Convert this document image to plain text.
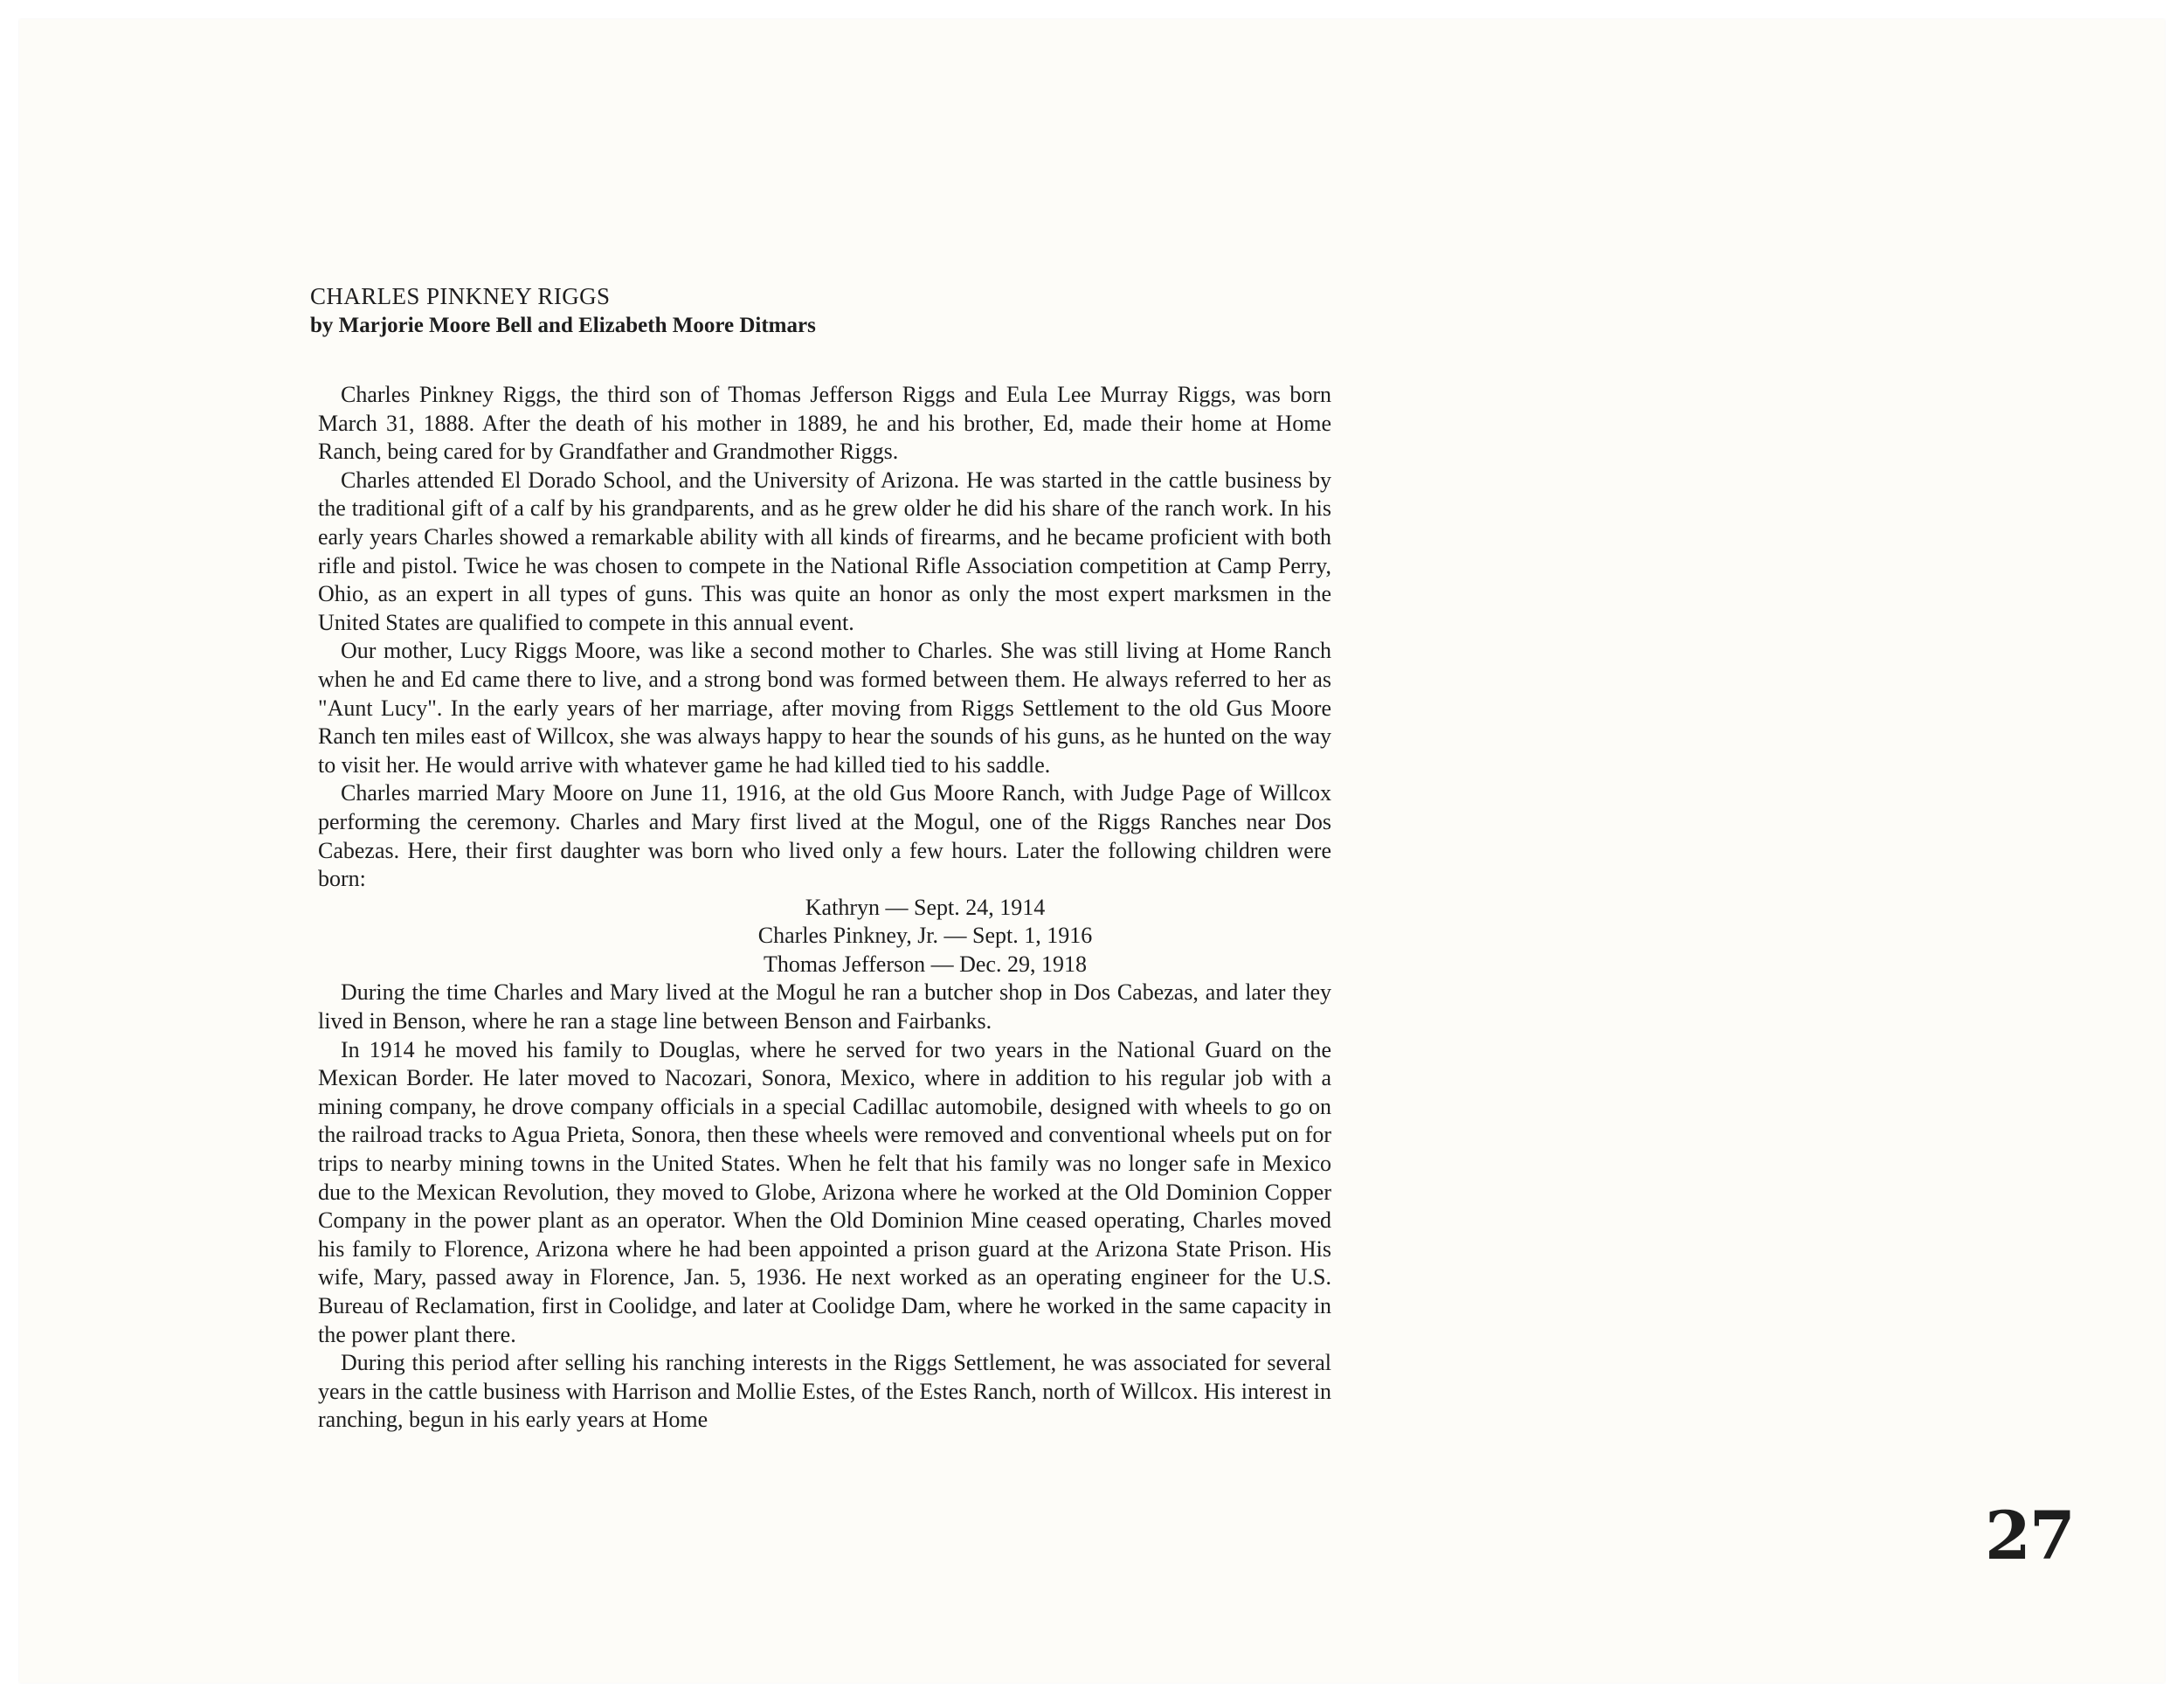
CHARLES PINKNEY RIGGS
by Marjorie Moore Bell and Elizabeth Moore Ditmars

Charles Pinkney Riggs, the third son of Thomas Jefferson Riggs and Eula Lee Murray Riggs, was born March 31, 1888. After the death of his mother in 1889, he and his brother, Ed, made their home at Home Ranch, being cared for by Grandfather and Grandmother Riggs.

Charles attended El Dorado School, and the University of Arizona. He was started in the cattle business by the traditional gift of a calf by his grandparents, and as he grew older he did his share of the ranch work. In his early years Charles showed a remarkable ability with all kinds of firearms, and he became proficient with both rifle and pistol. Twice he was chosen to compete in the National Rifle Association competition at Camp Perry, Ohio, as an expert in all types of guns. This was quite an honor as only the most expert marksmen in the United States are qualified to compete in this annual event.

Our mother, Lucy Riggs Moore, was like a second mother to Charles. She was still living at Home Ranch when he and Ed came there to live, and a strong bond was formed between them. He always referred to her as "Aunt Lucy". In the early years of her marriage, after moving from Riggs Settlement to the old Gus Moore Ranch ten miles east of Willcox, she was always happy to hear the sounds of his guns, as he hunted on the way to visit her. He would arrive with whatever game he had killed tied to his saddle.

Charles married Mary Moore on June 11, 1916, at the old Gus Moore Ranch, with Judge Page of Willcox performing the ceremony. Charles and Mary first lived at the Mogul, one of the Riggs Ranches near Dos Cabezas. Here, their first daughter was born who lived only a few hours. Later the following children were born:

Kathryn — Sept. 24, 1914
Charles Pinkney, Jr. — Sept. 1, 1916
Thomas Jefferson — Dec. 29, 1918

During the time Charles and Mary lived at the Mogul he ran a butcher shop in Dos Cabezas, and later they lived in Benson, where he ran a stage line between Benson and Fairbanks.

In 1914 he moved his family to Douglas, where he served for two years in the National Guard on the Mexican Border. He later moved to Nacozari, Sonora, Mexico, where in addition to his regular job with a mining company, he drove company officials in a special Cadillac automobile, designed with wheels to go on the railroad tracks to Agua Prieta, Sonora, then these wheels were removed and conventional wheels put on for trips to nearby mining towns in the United States. When he felt that his family was no longer safe in Mexico due to the Mexican Revolution, they moved to Globe, Arizona where he worked at the Old Dominion Copper Company in the power plant as an operator. When the Old Dominion Mine ceased operating, Charles moved his family to Florence, Arizona where he had been appointed a prison guard at the Arizona State Prison. His wife, Mary, passed away in Florence, Jan. 5, 1936. He next worked as an operating engineer for the U.S. Bureau of Reclamation, first in Coolidge, and later at Coolidge Dam, where he worked in the same capacity in the power plant there.

During this period after selling his ranching interests in the Riggs Settlement, he was associated for several years in the cattle business with Harrison and Mollie Estes, of the Estes Ranch, north of Willcox. His interest in ranching, begun in his early years at Home

27
